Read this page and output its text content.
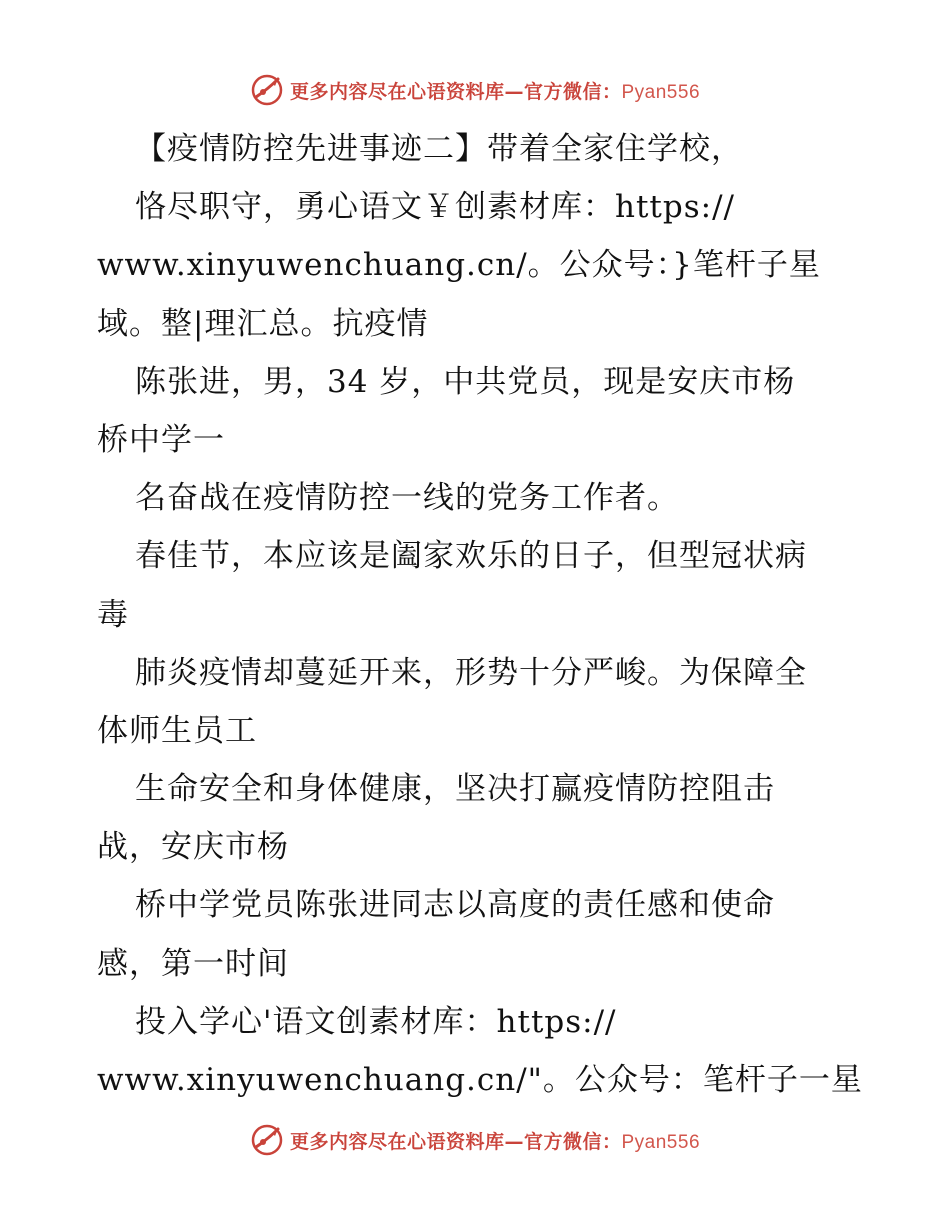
更多内容尽在心语资料库—官方微信：Pyan556
【疫情防控先进事迹二】带着全家住学校，
恪尽职守，勇心语文￥创素材库：https://
www.xinyuwenchuang.cn/。公众号：}笔杆子星
域。整|理汇总。抗疫情
陈张进，男，34 岁，中共党员，现是安庆市杨
桥中学一
名奋战在疫情防控一线的党务工作者。
春佳节，本应该是阖家欢乐的日子，但型冠状病
毒
肺炎疫情却蔓延开来，形势十分严峻。为保障全
体师生员工
生命安全和身体健康，坚决打赢疫情防控阻击
战，安庆市杨
桥中学党员陈张进同志以高度的责任感和使命
感，第一时间
投入学心'语文创素材库：https://
www.xinyuwenchuang.cn/"。公众号：笔杆子一星
更多内容尽在心语资料库—官方微信：Pyan556
